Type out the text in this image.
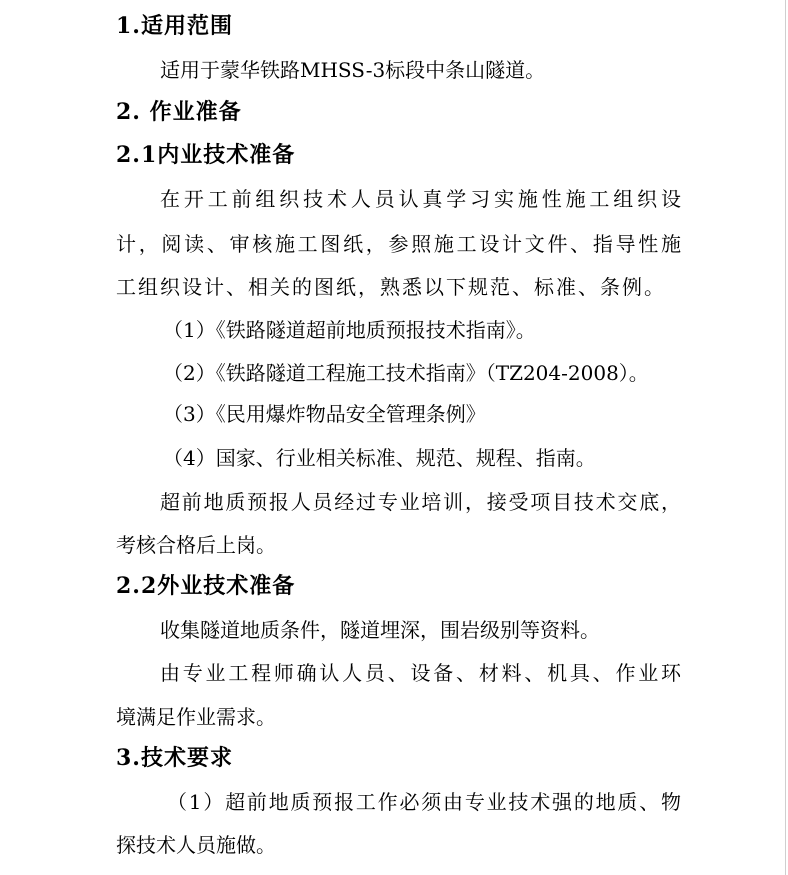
1.适用范围
适用于蒙华铁路MHSS-3标段中条山隧道。
2. 作业准备
2.1内业技术准备
在开工前组织技术人员认真学习实施性施工组织设
计，阅读、审核施工图纸，参照施工设计文件、指导性施
工组织设计、相关的图纸，熟悉以下规范、标准、条例。
（1）《铁路隧道超前地质预报技术指南》。
（2）《铁路隧道工程施工技术指南》（TZ204-2008）。
（3）《民用爆炸物品安全管理条例》
（4）国家、行业相关标准、规范、规程、指南。
超前地质预报人员经过专业培训，接受项目技术交底，
考核合格后上岗。
2.2外业技术准备
收集隧道地质条件，隧道埋深，围岩级别等资料。
由专业工程师确认人员、设备、材料、机具、作业环
境满足作业需求。
3.技术要求
（1）超前地质预报工作必须由专业技术强的地质、物
探技术人员施做。
